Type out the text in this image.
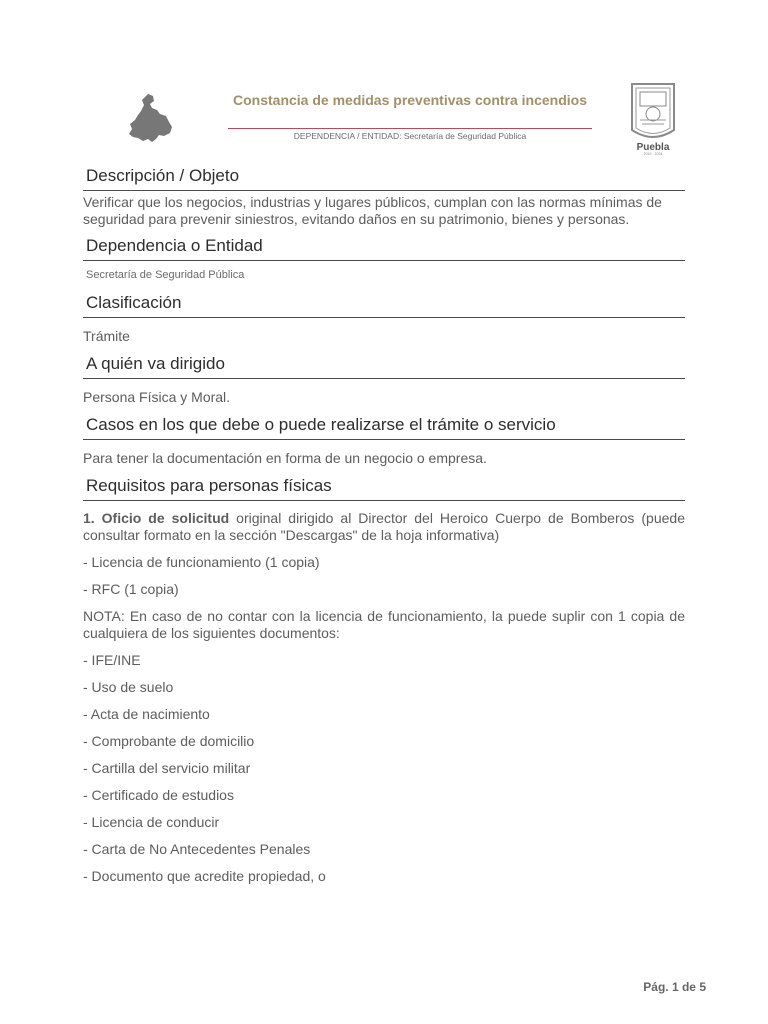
Constancia de medidas preventivas contra incendios
DEPENDENCIA / ENTIDAD: Secretaría de Seguridad Pública
Puebla
2019 - 2024
Descripción / Objeto
Verificar que los negocios, industrias y lugares públicos, cumplan con las normas mínimas de seguridad para prevenir siniestros, evitando daños en su patrimonio, bienes y personas.
Dependencia o Entidad
Secretaría de Seguridad Pública
Clasificación
Trámite
A quién va dirigido
Persona Física y Moral.
Casos en los que debe o puede realizarse el trámite o servicio
Para tener la documentación en forma de un negocio o empresa.
Requisitos para personas físicas
1. Oficio de solicitud original dirigido al Director del Heroico Cuerpo de Bomberos (puede consultar formato en la sección "Descargas" de la hoja informativa)
- Licencia de funcionamiento (1 copia)
- RFC (1 copia)
NOTA: En caso de no contar con la licencia de funcionamiento, la puede suplir con 1 copia de cualquiera de los siguientes documentos:
- IFE/INE
- Uso de suelo
- Acta de nacimiento
- Comprobante de domicilio
- Cartilla del servicio militar
- Certificado de estudios
- Licencia de conducir
- Carta de No Antecedentes Penales
- Documento que acredite propiedad, o
Pág. 1 de 5
